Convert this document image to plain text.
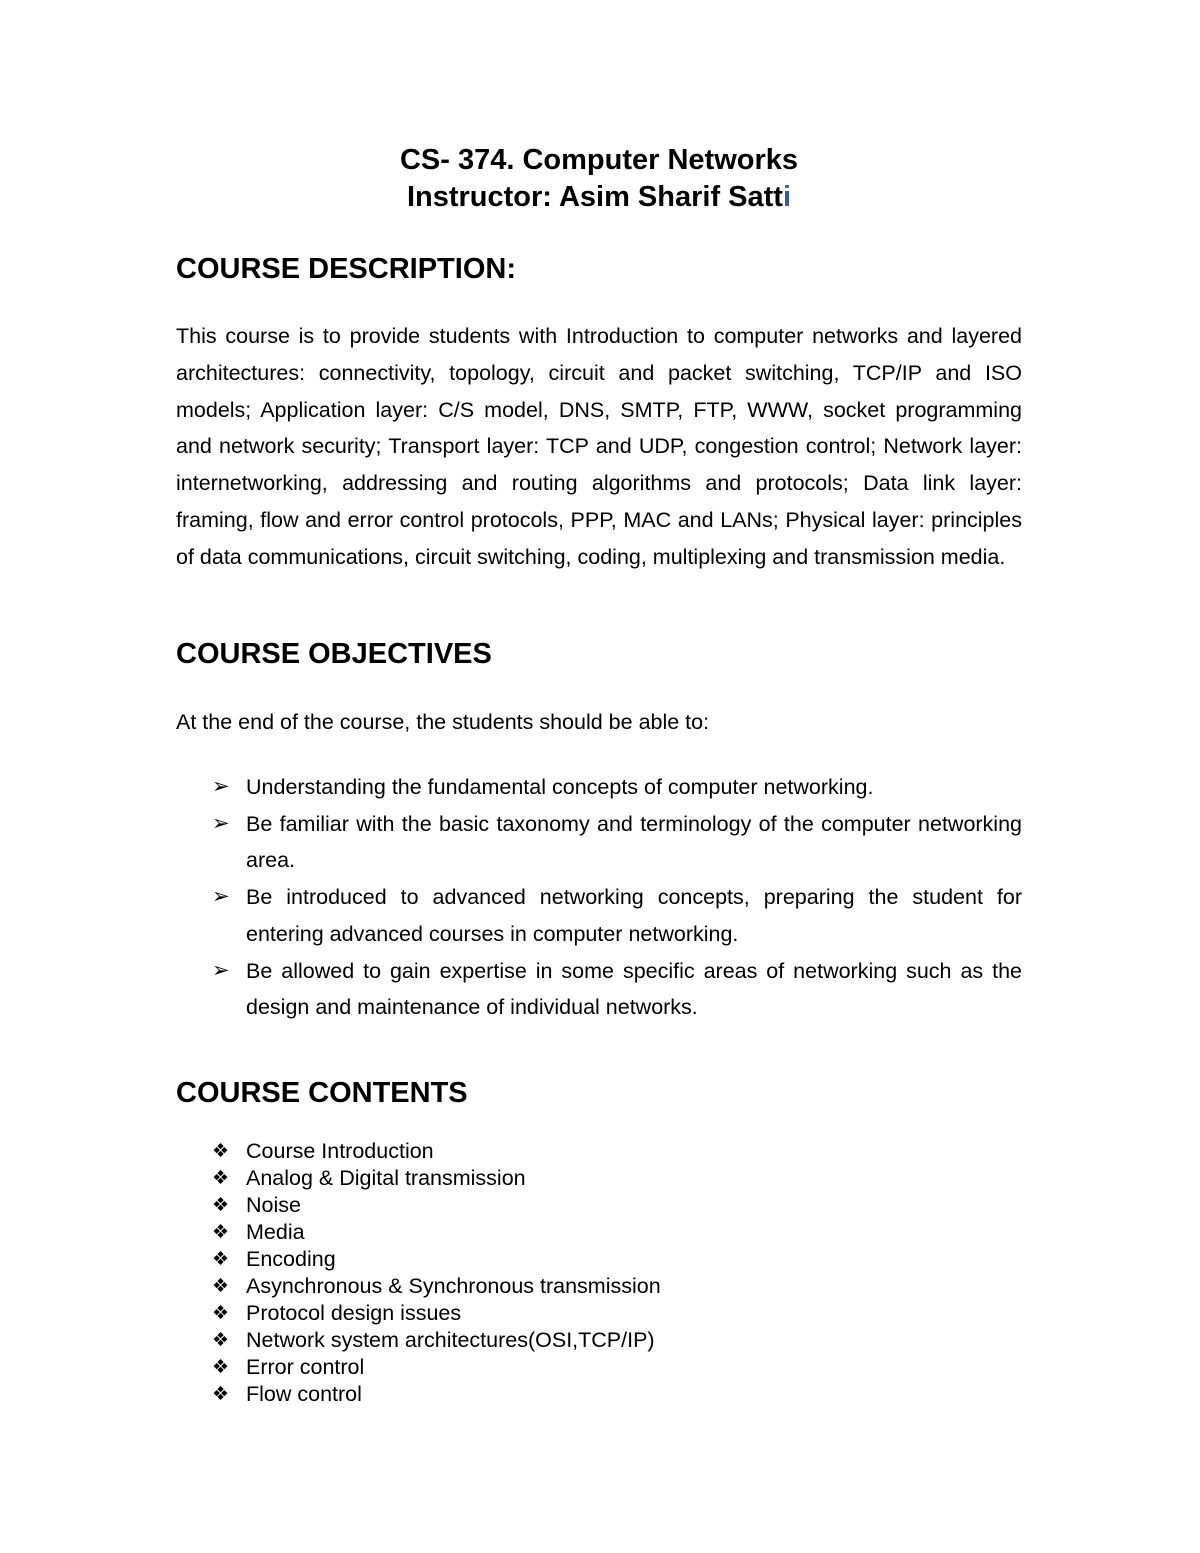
CS- 374. Computer Networks
Instructor: Asim Sharif Satti
COURSE DESCRIPTION:

This course is to provide students with Introduction to computer networks and layered architectures: connectivity, topology, circuit and packet switching, TCP/IP and ISO models; Application layer: C/S model, DNS, SMTP, FTP, WWW, socket programming and network security; Transport layer: TCP and UDP, congestion control; Network layer: internetworking, addressing and routing algorithms and protocols; Data link layer: framing, flow and error control protocols, PPP, MAC and LANs; Physical layer: principles of data communications, circuit switching, coding, multiplexing and transmission media.

COURSE OBJECTIVES
At the end of the course, the students should be able to:
➢ Understanding the fundamental concepts of computer networking.
➢ Be familiar with the basic taxonomy and terminology of the computer networking area.
➢ Be introduced to advanced networking concepts, preparing the student for entering advanced courses in computer networking.
➢ Be allowed to gain expertise in some specific areas of networking such as the design and maintenance of individual networks.
COURSE CONTENTS
❖ Course Introduction
❖ Analog & Digital transmission
❖ Noise
❖ Media
❖ Encoding
❖ Asynchronous & Synchronous transmission
❖ Protocol design issues
❖ Network system architectures(OSI,TCP/IP)
❖ Error control
❖ Flow control
